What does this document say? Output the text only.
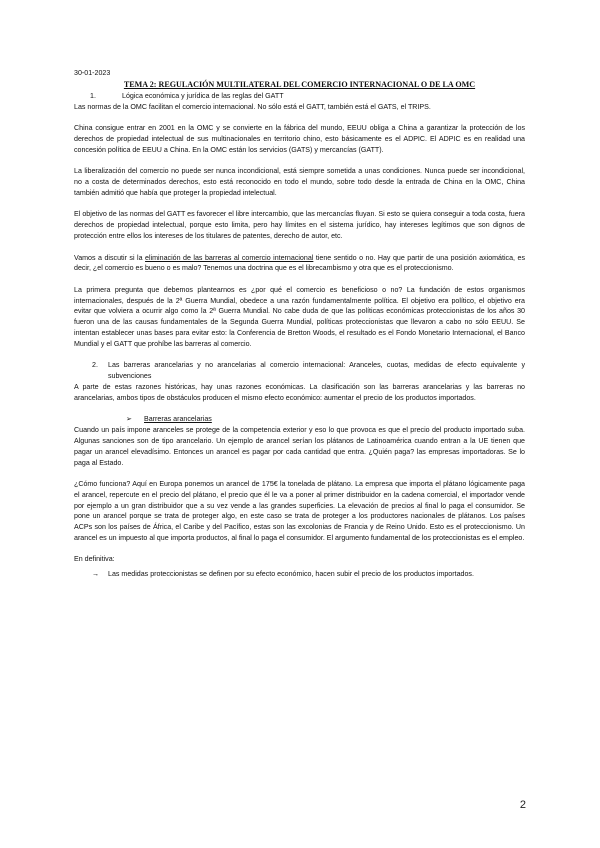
30-01-2023

TEMA 2: REGULACIÓN MULTILATERAL DEL COMERCIO INTERNACIONAL O DE LA OMC

1.	Lógica económica y jurídica de las reglas del GATT

Las normas de la OMC facilitan el comercio internacional. No sólo está el GATT, también está el GATS, el TRIPS.

China consigue entrar en 2001 en la OMC y se convierte en la fábrica del mundo, EEUU obliga a China a garantizar la protección de los derechos de propiedad intelectual de sus multinacionales en territorio chino, esto básicamente es el ADPIC. El ADPIC es en realidad una concesión política de EEUU a China. En la OMC están los servicios (GATS) y mercancías (GATT).

La liberalización del comercio no puede ser nunca incondicional, está siempre sometida a unas condiciones. Nunca puede ser incondicional, no a costa de determinados derechos, esto está reconocido en todo el mundo, sobre todo desde la entrada de China en la OMC, China también admitió que había que proteger la propiedad intelectual.

El objetivo de las normas del GATT es favorecer el libre intercambio, que las mercancías fluyan. Si esto se quiera conseguir a toda costa, fuera derechos de propiedad intelectual, porque esto limita, pero hay límites en el sistema jurídico, hay intereses legítimos que son dignos de protección entre ellos los intereses de los titulares de patentes, derecho de autor, etc.

Vamos a discutir si la eliminación de las barreras al comercio internacional tiene sentido o no. Hay que partir de una posición axiomática, es decir, ¿el comercio es bueno o es malo? Tenemos una doctrina que es el librecambismo y otra que es el proteccionismo.

La primera pregunta que debemos plantearnos es ¿por qué el comercio es beneficioso o no? La fundación de estos organismos internacionales, después de la 2ª Guerra Mundial, obedece a una razón fundamentalmente política. El objetivo era político, el objetivo era evitar que volviera a ocurrir algo como la 2ª Guerra Mundial. No cabe duda de que las políticas económicas proteccionistas de los años 30 fueron una de las causas fundamentales de la Segunda Guerra Mundial, políticas proteccionistas que llevaron a cabo no sólo EEUU. Se intentan establecer unas bases para evitar esto: la Conferencia de Bretton Woods, el resultado es el Fondo Monetario Internacional, el Banco Mundial y el GATT que prohíbe las barreras al comercio.

2.	Las barreras arancelarias y no arancelarias al comercio internacional: Aranceles, cuotas, medidas de efecto equivalente y subvenciones

A parte de estas razones históricas, hay unas razones económicas. La clasificación son las barreras arancelarias y las barreras no arancelarias, ambos tipos de obstáculos producen el mismo efecto económico: aumentar el precio de los productos importados.

➢	Barreras arancelarias

Cuando un país impone aranceles se protege de la competencia exterior y eso lo que provoca es que el precio del producto importado suba. Algunas sanciones son de tipo arancelario. Un ejemplo de arancel serían los plátanos de Latinoamérica cuando entran a la UE tienen que pagar un arancel elevadísimo. Entonces un arancel es pagar por cada cantidad que entra. ¿Quién paga? las empresas importadoras. Se lo paga al Estado.

¿Cómo funciona? Aquí en Europa ponemos un arancel de 175€ la tonelada de plátano. La empresa que importa el plátano lógicamente paga el arancel, repercute en el precio del plátano, el precio que él le va a poner al primer distribuidor en la cadena comercial, el importador vende por ejemplo a un gran distribuidor que a su vez vende a las grandes superficies. La elevación de precios al final lo paga el consumidor. Se pone un arancel porque se trata de proteger algo, en este caso se trata de proteger a los productores nacionales de plátanos. Los países ACPs son los países de África, el Caribe y del Pacífico, estas son las excolonias de Francia y de Reino Unido. Esto es el proteccionismo. Un arancel es un impuesto al que importa productos, al final lo paga el consumidor. El argumento fundamental de los proteccionistas es el empleo.

En definitiva:

→	Las medidas proteccionistas se definen por su efecto económico, hacen subir el precio de los productos importados.
2
